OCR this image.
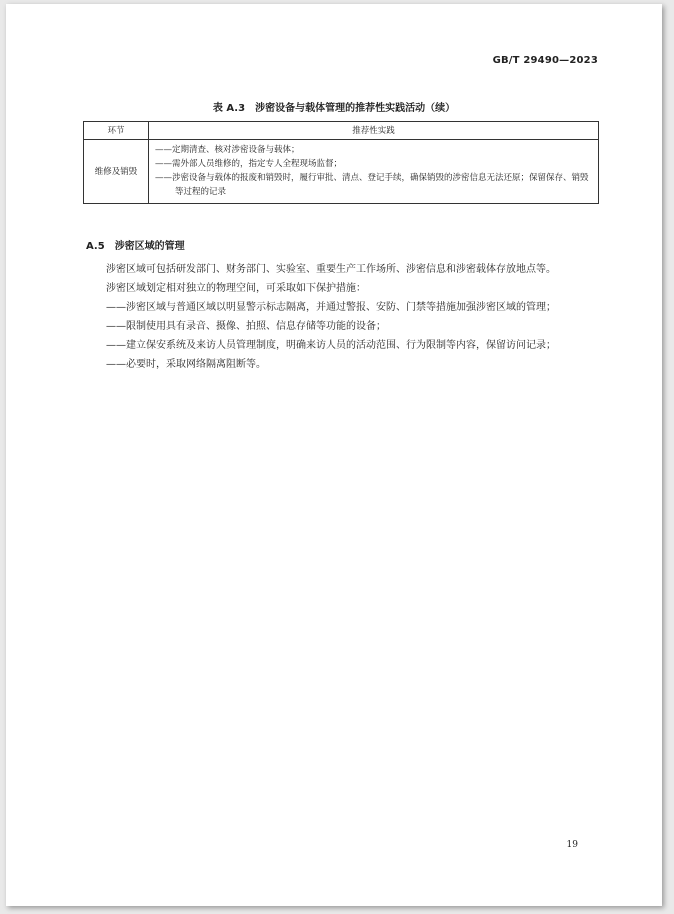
GB/T 29490—2023
表 A.3　涉密设备与载体管理的推荐性实践活动（续）
环节	推荐性实践
维修及销毁	——定期清查、核对涉密设备与载体；
——需外部人员维修的，指定专人全程现场监督；
——涉密设备与载体的报废和销毁时，履行审批、清点、登记手续，确保销毁的涉密信息无法还原；保留保存、销毁等过程的记录
A.5 涉密区域的管理
涉密区域可包括研发部门、财务部门、实验室、重要生产工作场所、涉密信息和涉密载体存放地点等。
涉密区域划定相对独立的物理空间，可采取如下保护措施：
——涉密区域与普通区域以明显警示标志隔离，并通过警报、安防、门禁等措施加强涉密区域的管理；
——限制使用具有录音、摄像、拍照、信息存储等功能的设备；
——建立保安系统及来访人员管理制度，明确来访人员的活动范围、行为限制等内容，保留访问记录；
——必要时，采取网络隔离阻断等。
19
